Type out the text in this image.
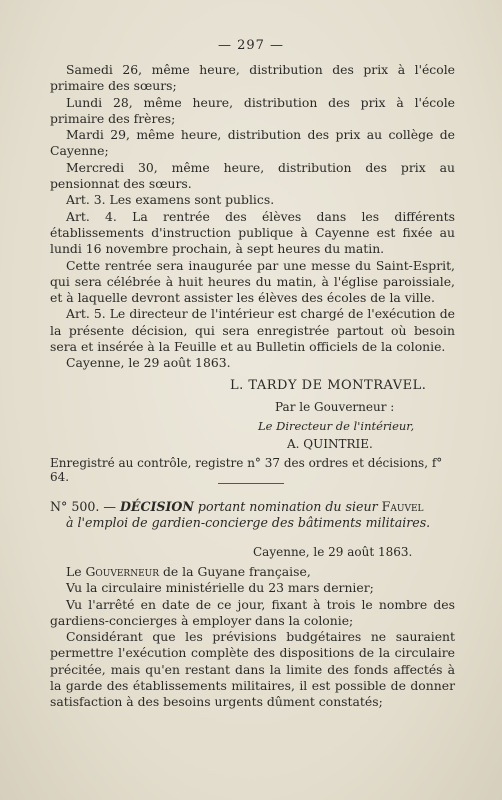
— 297 —

Samedi 26, même heure, distribution des prix à l'école primaire des sœurs;

Lundi 28, même heure, distribution des prix à l'école primaire des frères;

Mardi 29, même heure, distribution des prix au collège de Cayenne;

Mercredi 30, même heure, distribution des prix au pensionnat des sœurs.

Art. 3. Les examens sont publics.

Art. 4. La rentrée des élèves dans les différents établissements d'instruction publique à Cayenne est fixée au lundi 16 novembre prochain, à sept heures du matin.

Cette rentrée sera inaugurée par une messe du Saint-Esprit, qui sera célébrée à huit heures du matin, à l'église paroissiale, et à laquelle devront assister les élèves des écoles de la ville.

Art. 5. Le directeur de l'intérieur est chargé de l'exécution de la présente décision, qui sera enregistrée partout où besoin sera et insérée à la Feuille et au Bulletin officiels de la colonie.

Cayenne, le 29 août 1863.

L. TARDY DE MONTRAVEL.
Par le Gouverneur :
Le Directeur de l'intérieur,
A. QUINTRIE.
Enregistré au contrôle, registre n° 37 des ordres et décisions, f° 64.

N° 500. — DÉCISION portant nomination du sieur Fauvel
à l'emploi de gardien-concierge des bâtiments militaires.

Cayenne, le 29 août 1863.

Le Gouverneur de la Guyane française,

Vu la circulaire ministérielle du 23 mars dernier;

Vu l'arrêté en date de ce jour, fixant à trois le nombre des gardiens-concierges à employer dans la colonie;

Considérant que les prévisions budgétaires ne sauraient permettre l'exécution complète des dispositions de la circulaire précitée, mais qu'en restant dans la limite des fonds affectés à la garde des établissements militaires, il est possible de donner satisfaction à des besoins urgents dûment constatés;
